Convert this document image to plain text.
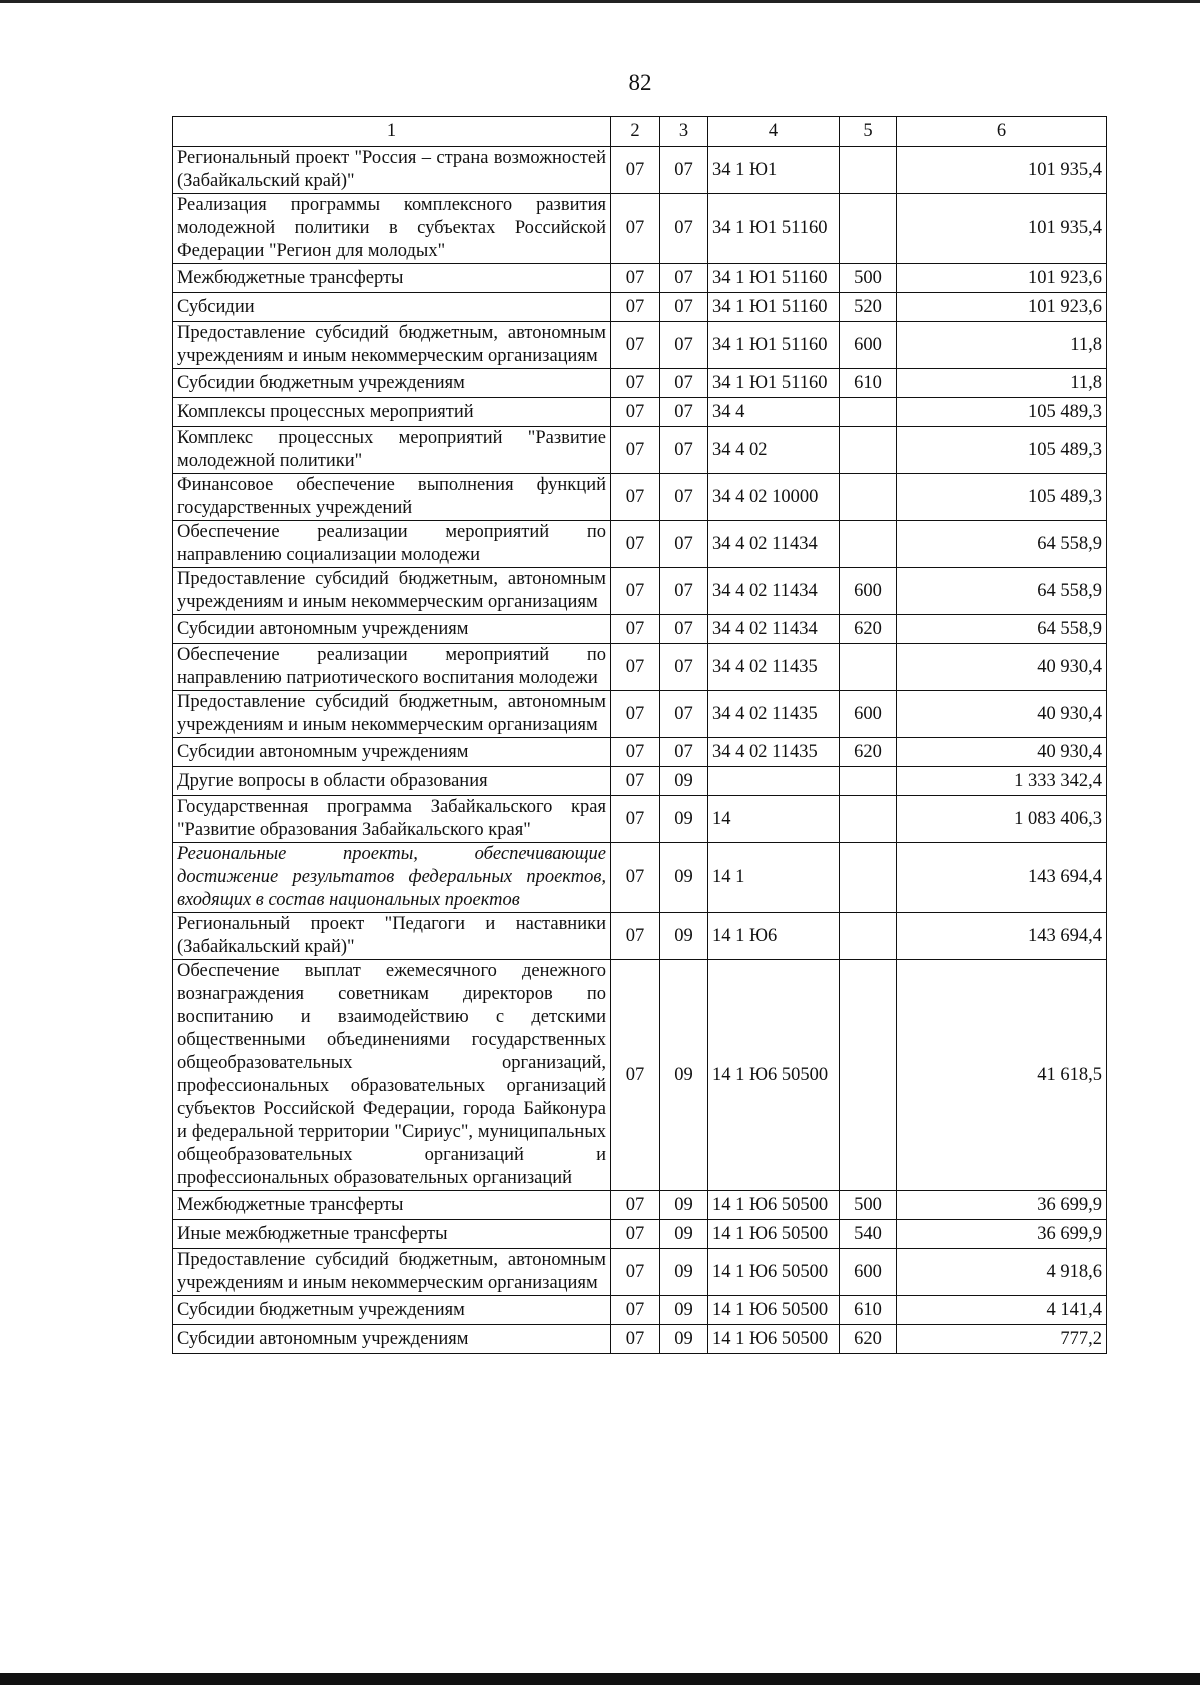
82
1	2	3	4	5	6
Региональный проект "Россия – страна возможностей (Забайкальский край)"	07	07	34 1 Ю1		101 935,4
Реализация программы комплексного развития молодежной политики в субъектах Российской Федерации "Регион для молодых"	07	07	34 1 Ю1 51160		101 935,4
Межбюджетные трансферты	07	07	34 1 Ю1 51160	500	101 923,6
Субсидии	07	07	34 1 Ю1 51160	520	101 923,6
Предоставление субсидий бюджетным, автономным учреждениям и иным некоммерческим организациям	07	07	34 1 Ю1 51160	600	11,8
Субсидии бюджетным учреждениям	07	07	34 1 Ю1 51160	610	11,8
Комплексы процессных мероприятий	07	07	34 4		105 489,3
Комплекс процессных мероприятий "Развитие молодежной политики"	07	07	34 4 02		105 489,3
Финансовое обеспечение выполнения функций государственных учреждений	07	07	34 4 02 10000		105 489,3
Обеспечение реализации мероприятий по направлению социализации молодежи	07	07	34 4 02 11434		64 558,9
Предоставление субсидий бюджетным, автономным учреждениям и иным некоммерческим организациям	07	07	34 4 02 11434	600	64 558,9
Субсидии автономным учреждениям	07	07	34 4 02 11434	620	64 558,9
Обеспечение реализации мероприятий по направлению патриотического воспитания молодежи	07	07	34 4 02 11435		40 930,4
Предоставление субсидий бюджетным, автономным учреждениям и иным некоммерческим организациям	07	07	34 4 02 11435	600	40 930,4
Субсидии автономным учреждениям	07	07	34 4 02 11435	620	40 930,4
Другие вопросы в области образования	07	09			1 333 342,4
Государственная программа Забайкальского края "Развитие образования Забайкальского края"	07	09	14		1 083 406,3
Региональные проекты, обеспечивающие достижение результатов федеральных проектов, входящих в состав национальных проектов	07	09	14 1		143 694,4
Региональный проект "Педагоги и наставники (Забайкальский край)"	07	09	14 1 Ю6		143 694,4
Обеспечение выплат ежемесячного денежного вознаграждения советникам директоров по воспитанию и взаимодействию с детскими общественными объединениями государственных общеобразовательных организаций, профессиональных образовательных организаций субъектов Российской Федерации, города Байконура и федеральной территории "Сириус", муниципальных общеобразовательных организаций и профессиональных образовательных организаций	07	09	14 1 Ю6 50500		41 618,5
Межбюджетные трансферты	07	09	14 1 Ю6 50500	500	36 699,9
Иные межбюджетные трансферты	07	09	14 1 Ю6 50500	540	36 699,9
Предоставление субсидий бюджетным, автономным учреждениям и иным некоммерческим организациям	07	09	14 1 Ю6 50500	600	4 918,6
Субсидии бюджетным учреждениям	07	09	14 1 Ю6 50500	610	4 141,4
Субсидии автономным учреждениям	07	09	14 1 Ю6 50500	620	777,2
